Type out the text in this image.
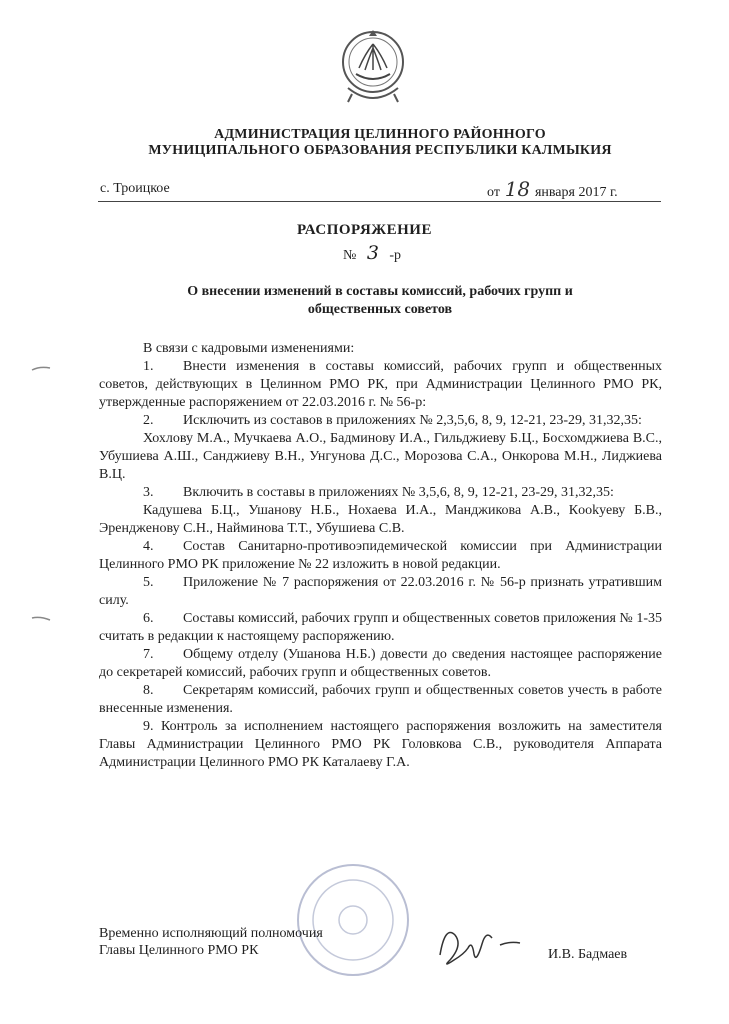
АДМИНИСТРАЦИЯ ЦЕЛИННОГО РАЙОННОГО
МУНИЦИПАЛЬНОГО ОБРАЗОВАНИЯ РЕСПУБЛИКИ КАЛМЫКИЯ
с. Троицкое	от 18 января 2017 г.
РАСПОРЯЖЕНИЕ
№ 3 -р
О внесении изменений в составы комиссий, рабочих групп и
общественных советов

В связи с кадровыми изменениями:

1. Внести изменения в составы комиссий, рабочих групп и общественных советов, действующих в Целинном РМО РК, при Администрации Целинного РМО РК, утвержденные распоряжением от 22.03.2016 г. № 56-р:

2. Исключить из составов в приложениях № 2,3,5,6, 8, 9, 12-21, 23-29, 31,32,35:

Хохлову М.А., Мучкаева А.О., Бадминову И.А., Гильджиеву Б.Ц., Босхомджиева В.С., Убушиева А.Ш., Санджиеву В.Н., Унгунова Д.С., Морозова С.А., Онкорова М.Н., Лиджиева В.Ц.

3. Включить в составы в приложениях № 3,5,6, 8, 9, 12-21, 23-29, 31,32,35:

Кадушева Б.Ц., Ушанову Н.Б., Нохаева И.А., Манджикова А.В., Кookуеву Б.В., Эренджeнову С.Н., Найминова Т.Т., Убушиева С.В.

4. Состав Санитарно-противоэпидемической комиссии при Администрации Целинного РМО РК приложение № 22 изложить в новой редакции.

5. Приложение № 7 распоряжения от 22.03.2016 г. № 56-р признать утратившим силу.

6. Составы комиссий, рабочих групп и общественных советов приложения № 1-35 считать в редакции к настоящему распоряжению.

7. Общему отделу (Ушанова Н.Б.) довести до сведения настоящее распоряжение до секретарей комиссий, рабочих групп и общественных советов.

8. Секретарям комиссий, рабочих групп и общественных советов учесть в работе внесенные изменения.

9. Контроль за исполнением настоящего распоряжения возложить на заместителя Главы Администрации Целинного РМО РК Головкова С.В., руководителя Аппарата Администрации Целинного РМО РК Каталаеву Г.А.

Временно исполняющий полномочия
Главы Целинного РМО РК	И.В. Бадмаев
